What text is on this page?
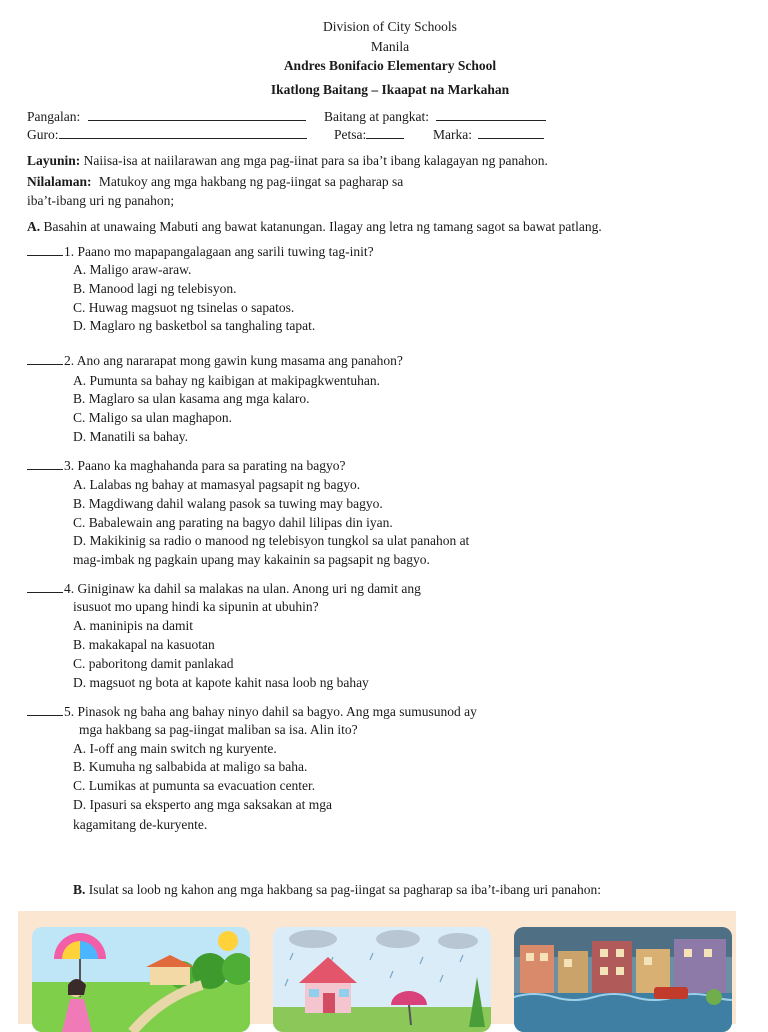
Division of City Schools
Manila
Andres Bonifacio Elementary School
Ikatlong Baitang – Ikaapat na Markahan
Pangalan:	Baitang at pangkat:
Guro:	Petsa:	Marka:
Layunin: Naiisa-isa at naiilarawan ang mga pag-iinat para sa iba’t ibang kalagayan ng panahon.
Nilalaman: Matukoy ang mga hakbang ng pag-iingat sa pagharap sa
iba’t-ibang uri ng panahon;
A. Basahin at unawaing Mabuti ang bawat katanungan. Ilagay ang letra ng tamang sagot sa bawat patlang.
1. Paano mo mapapangalagaan ang sarili tuwing tag-init?
A. Maligo araw-araw.
B. Manood lagi ng telebisyon.
C. Huwag magsuot ng tsinelas o sapatos.
D. Maglaro ng basketbol sa tanghaling tapat.
2. Ano ang nararapat mong gawin kung masama ang panahon?
A. Pumunta sa bahay ng kaibigan at makipagkwentuhan.
B. Maglaro sa ulan kasama ang mga kalaro.
C. Maligo sa ulan maghapon.
D. Manatili sa bahay.
3. Paano ka maghahanda para sa parating na bagyo?
A. Lalabas ng bahay at mamasyal pagsapit ng bagyo.
B. Magdiwang dahil walang pasok sa tuwing may bagyo.
C. Babalewain ang parating na bagyo dahil lilipas din iyan.
D. Makikinig sa radio o manood ng telebisyon tungkol sa ulat panahon at
mag-imbak ng pagkain upang may kakainin sa pagsapit ng bagyo.
4. Giniginaw ka dahil sa malakas na ulan. Anong uri ng damit ang
isusuot mo upang hindi ka sipunin at ubuhin?
A. maninipis na damit
B. makakapal na kasuotan
C. paboritong damit panlakad
D. magsuot ng bota at kapote kahit nasa loob ng bahay
5. Pinasok ng baha ang bahay ninyo dahil sa bagyo. Ang mga sumusunod ay
mga hakbang sa pag-iingat maliban sa isa. Alin ito?
A. I-off ang main switch ng kuryente.
B. Kumuha ng salbabida at maligo sa baha.
C. Lumikas at pumunta sa evacuation center.
D. Ipasuri sa eksperto ang mga saksakan at mga
kagamitang de-kuryente.
B. Isulat sa loob ng kahon ang mga hakbang sa pag-iingat sa pagharap sa iba’t-ibang uri panahon:
